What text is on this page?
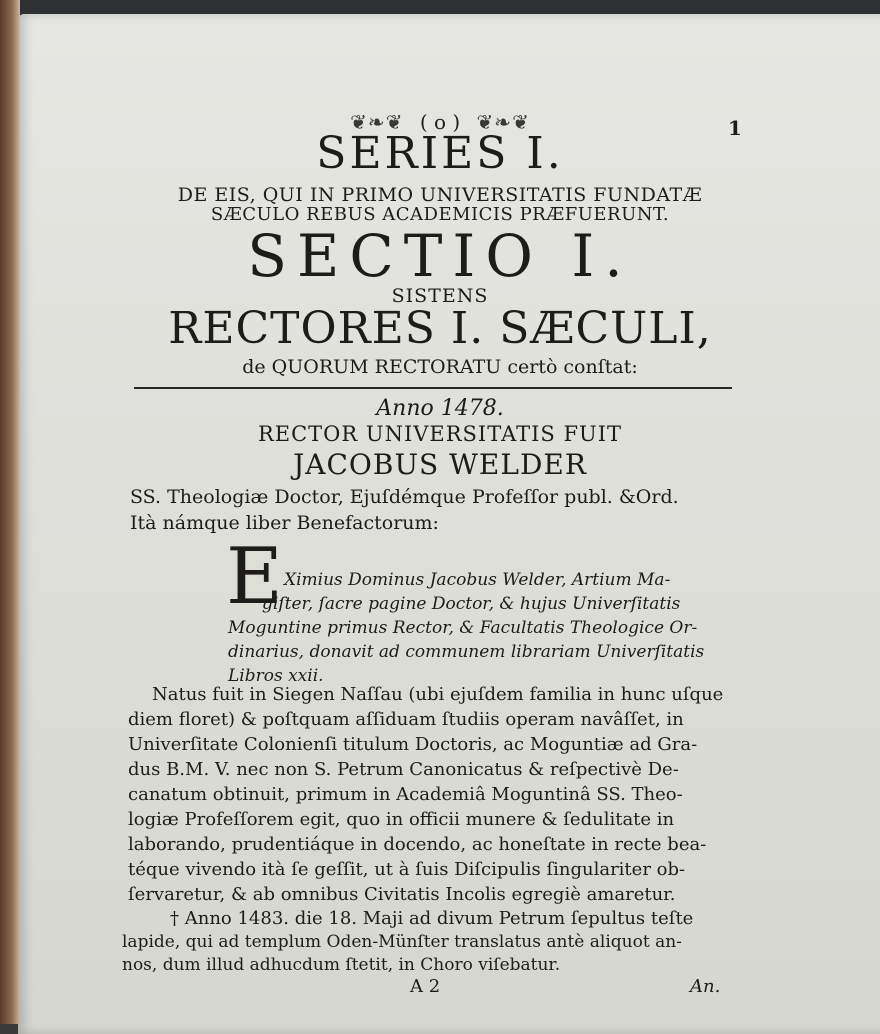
❦❧❦ ( o ) ❦❧❦	1
SERIES I.
DE EIS, QUI IN PRIMO UNIVERSITATIS FUNDATÆ
SÆCULO REBUS ACADEMICIS PRÆFUERUNT.
SECTIO I.
SISTENS
RECTORES I. SÆCULI,
de QUORUM RECTORATU certò conſtat:
Anno 1478.
RECTOR UNIVERSITATIS FUIT
JACOBUS WELDER
SS. Theologiæ Doctor, Ejuſdémque Profeſſor publ. &Ord.
Ità námque liber Benefactorum:
E Ximius Dominus Jacobus Welder, Artium Ma-
giſter, ſacre pagine Doctor, & hujus Univerſitatis
Moguntine primus Rector, & Facultatis Theologice Or-
dinarius, donavit ad communem librariam Univerſitatis
Libros xxii.
Natus fuit in Siegen Naſſau (ubi ejuſdem familia in hunc uſque
diem floret) & poſtquam aſſiduam ſtudiis operam navâſſet, in
Univerſitate Colonienſi titulum Doctoris, ac Moguntiæ ad Gra-
dus B.M. V. nec non S. Petrum Canonicatus & reſpectivè De-
canatum obtinuit, primum in Academiâ Moguntinâ SS. Theo-
logiæ Profeſſorem egit, quo in officii munere & ſedulitate in
laborando, prudentiáque in docendo, ac honeſtate in recte bea-
téque vivendo ità ſe geſſit, ut à ſuis Diſcipulis ſingulariter ob-
ſervaretur, & ab omnibus Civitatis Incolis egregiè amaretur.
† Anno 1483. die 18. Maji ad divum Petrum ſepultus teſte
lapide, qui ad templum Oden-Münſter translatus antè aliquot an-
nos, dum illud adhucdum ſtetit, in Choro viſebatur.
A 2	An.
